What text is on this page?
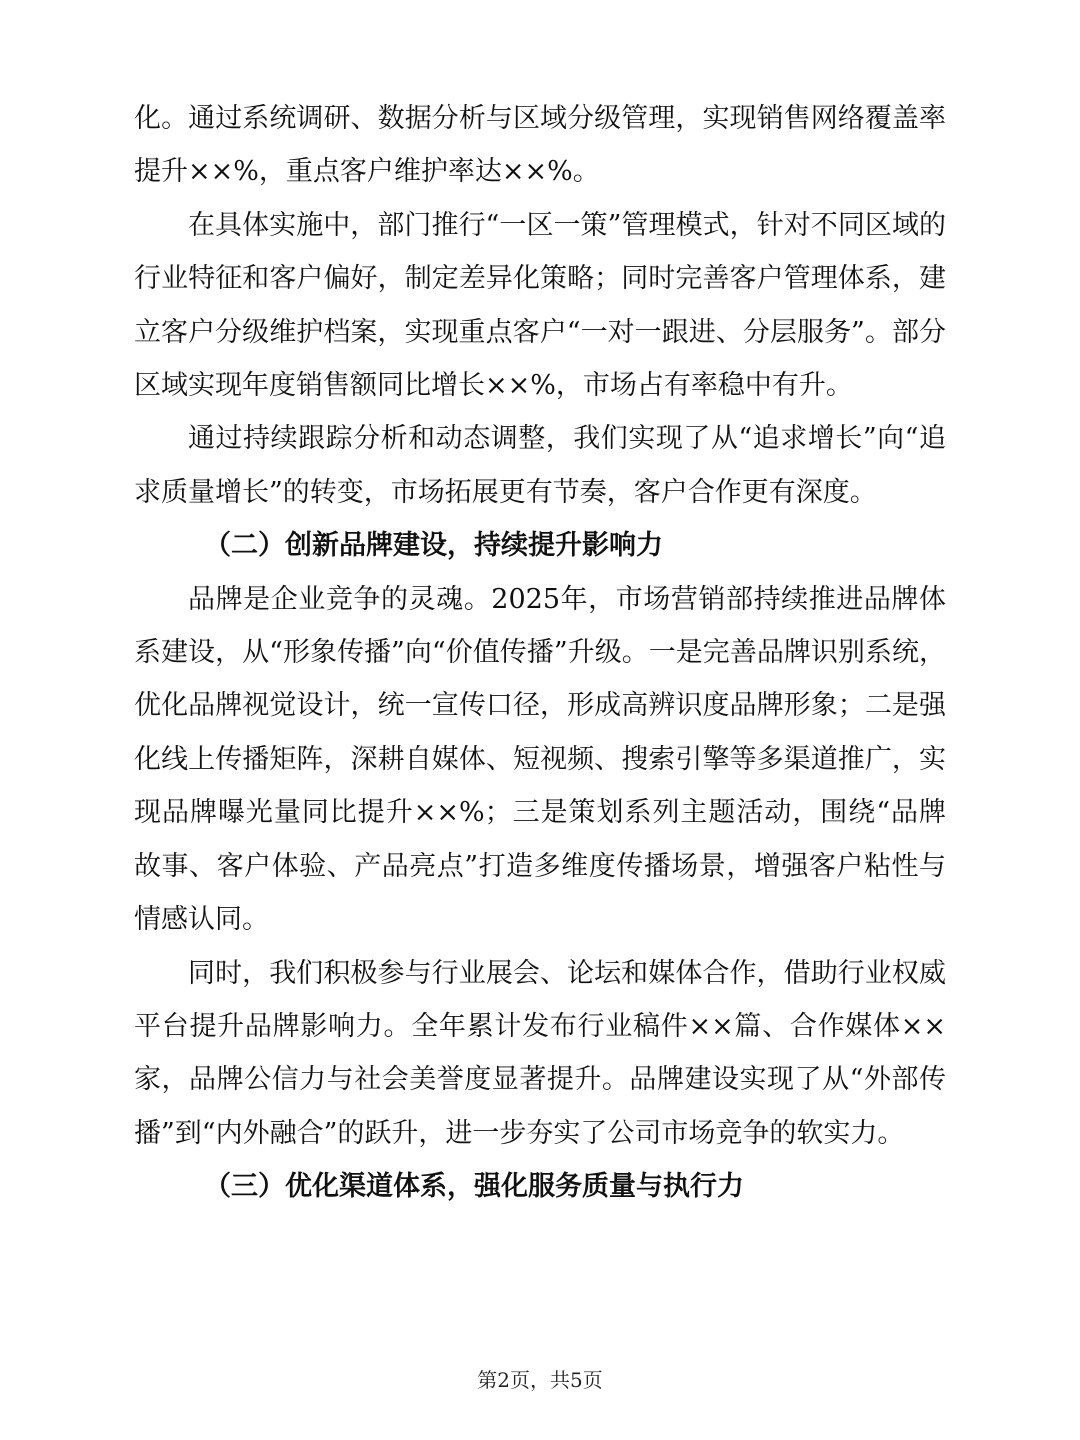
化。通过系统调研、数据分析与区域分级管理，实现销售网络覆盖率提升××%，重点客户维护率达××%。

在具体实施中，部门推行“一区一策”管理模式，针对不同区域的行业特征和客户偏好，制定差异化策略；同时完善客户管理体系，建立客户分级维护档案，实现重点客户“一对一跟进、分层服务”。部分区域实现年度销售额同比增长××%，市场占有率稳中有升。

通过持续跟踪分析和动态调整，我们实现了从“追求增长”向“追求质量增长”的转变，市场拓展更有节奏，客户合作更有深度。

（二）创新品牌建设，持续提升影响力

品牌是企业竞争的灵魂。2025年，市场营销部持续推进品牌体系建设，从“形象传播”向“价值传播”升级。一是完善品牌识别系统，优化品牌视觉设计，统一宣传口径，形成高辨识度品牌形象；二是强化线上传播矩阵，深耕自媒体、短视频、搜索引擎等多渠道推广，实现品牌曝光量同比提升××%；三是策划系列主题活动，围绕“品牌故事、客户体验、产品亮点”打造多维度传播场景，增强客户粘性与情感认同。

同时，我们积极参与行业展会、论坛和媒体合作，借助行业权威平台提升品牌影响力。全年累计发布行业稿件××篇、合作媒体××家，品牌公信力与社会美誉度显著提升。品牌建设实现了从“外部传播”到“内外融合”的跃升，进一步夯实了公司市场竞争的软实力。

（三）优化渠道体系，强化服务质量与执行力

第2页，共5页
